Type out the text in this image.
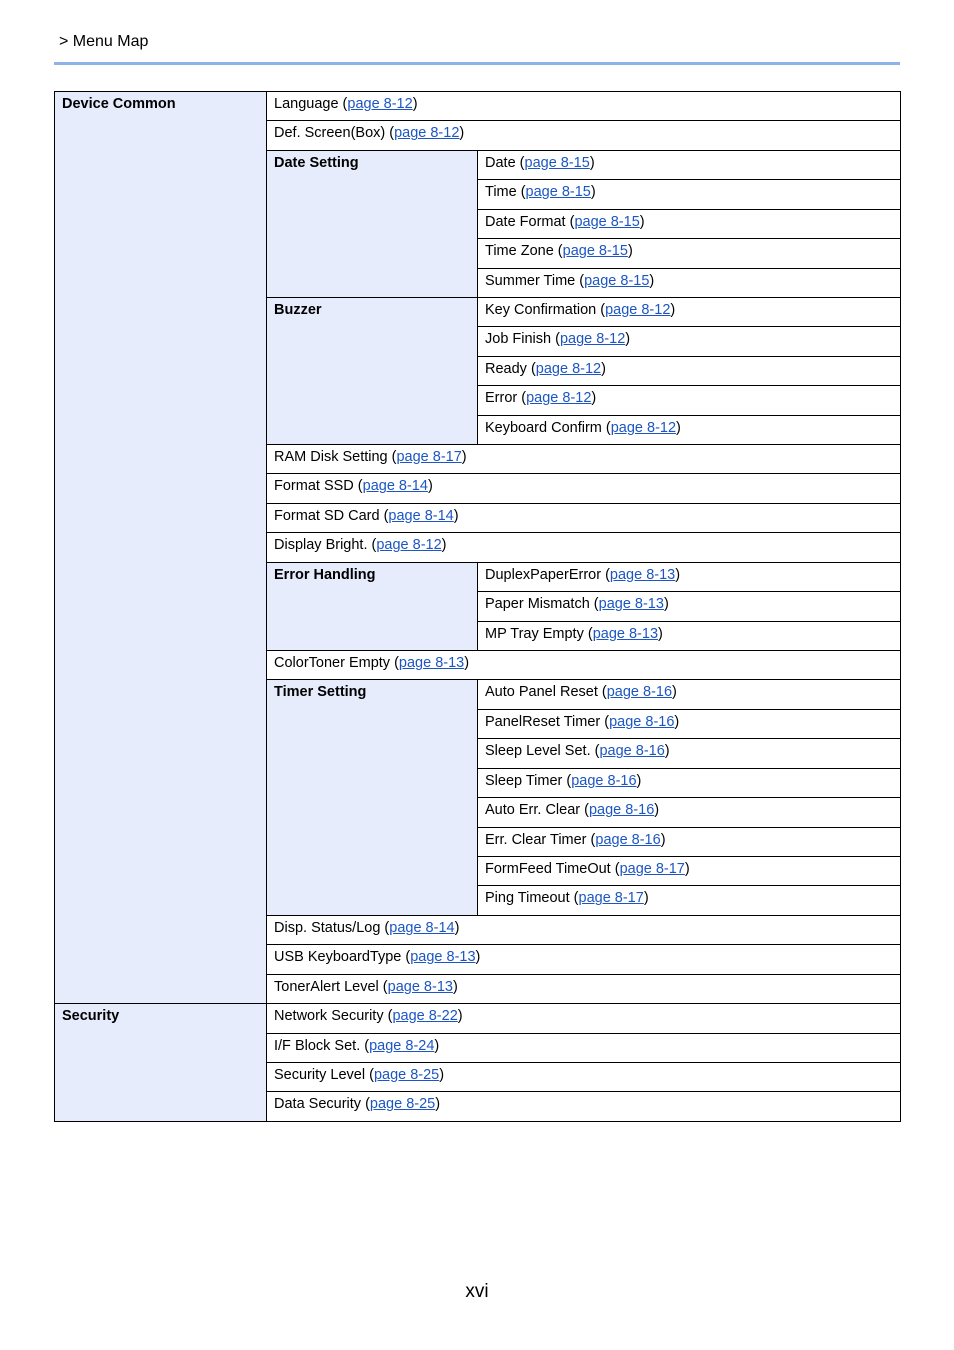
> Menu Map
Device Common	Language (page 8-12)	
	Def. Screen(Box) (page 8-12)	
	Date Setting	Date (page 8-15)
		Time (page 8-15)
		Date Format (page 8-15)
		Time Zone (page 8-15)
		Summer Time (page 8-15)
	Buzzer	Key Confirmation (page 8-12)
		Job Finish (page 8-12)
		Ready (page 8-12)
		Error (page 8-12)
		Keyboard Confirm (page 8-12)
	RAM Disk Setting (page 8-17)	
	Format SSD (page 8-14)	
	Format SD Card (page 8-14)	
	Display Bright. (page 8-12)	
	Error Handling	DuplexPaperError (page 8-13)
		Paper Mismatch (page 8-13)
		MP Tray Empty (page 8-13)
	ColorToner Empty (page 8-13)	
	Timer Setting	Auto Panel Reset (page 8-16)
		PanelReset Timer (page 8-16)
		Sleep Level Set. (page 8-16)
		Sleep Timer (page 8-16)
		Auto Err. Clear (page 8-16)
		Err. Clear Timer (page 8-16)
		FormFeed TimeOut (page 8-17)
		Ping Timeout (page 8-17)
	Disp. Status/Log (page 8-14)	
	USB KeyboardType (page 8-13)	
	TonerAlert Level (page 8-13)	
Security	Network Security (page 8-22)	
	I/F Block Set. (page 8-24)	
	Security Level (page 8-25)	
	Data Security (page 8-25)	
xvi
